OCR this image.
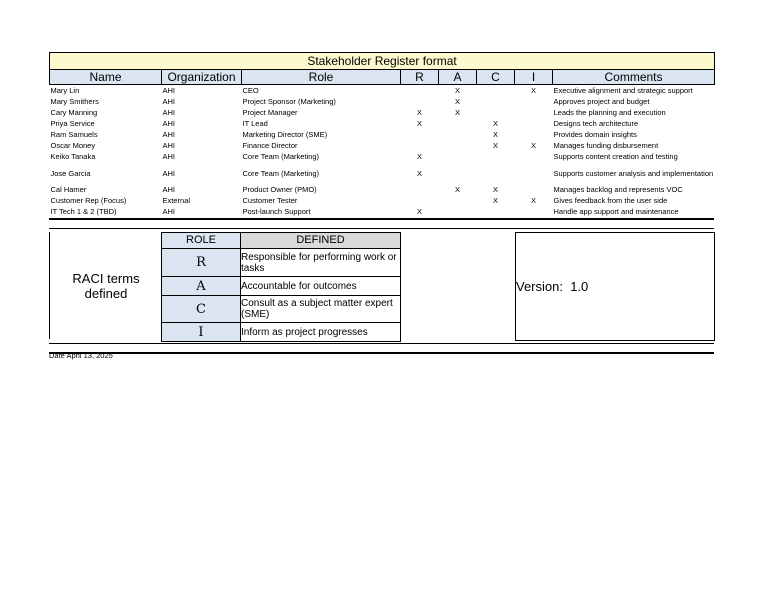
Stakeholder Register format							
Name	Organization	Role	R	A	C	I	Comments
Mary Lin	AHI	CEO		X		X	Executive alignment and strategic support
Mary Smithers	AHI	Project Sponsor (Marketing)		X			Approves project and budget
Cary Manning	AHI	Project Manager	X	X			Leads the planning and execution
Priya Service	AHI	IT Lead	X		X		Designs tech architecture
Ram Samuels	AHI	Marketing Director (SME)			X		Provides domain insights
Oscar Money	AHI	Finance Director			X	X	Manages funding disbursement
Keiko Tanaka	AHI	Core Team (Marketing)	X				Supports content creation and testing
Jose Garcia	AHI	Core Team (Marketing)	X				Supports customer analysis and implementation
Cal Hamer	AHI	Product Owner (PMO)		X	X		Manages backlog and represents VOC
Customer Rep (Focus)	External	Customer Tester			X	X	Gives feedback from the user side
IT Tech 1 & 2 (TBD)	AHI	Post-launch Support	X				Handle app support and maintenance
RACI terms defined
ROLE	DEFINED
R	Responsible for performing work or tasks
A	Accountable for outcomes
C	Consult as a subject matter expert (SME)
I	Inform as project progresses
Version:  1.0
Date April 13, 2025
